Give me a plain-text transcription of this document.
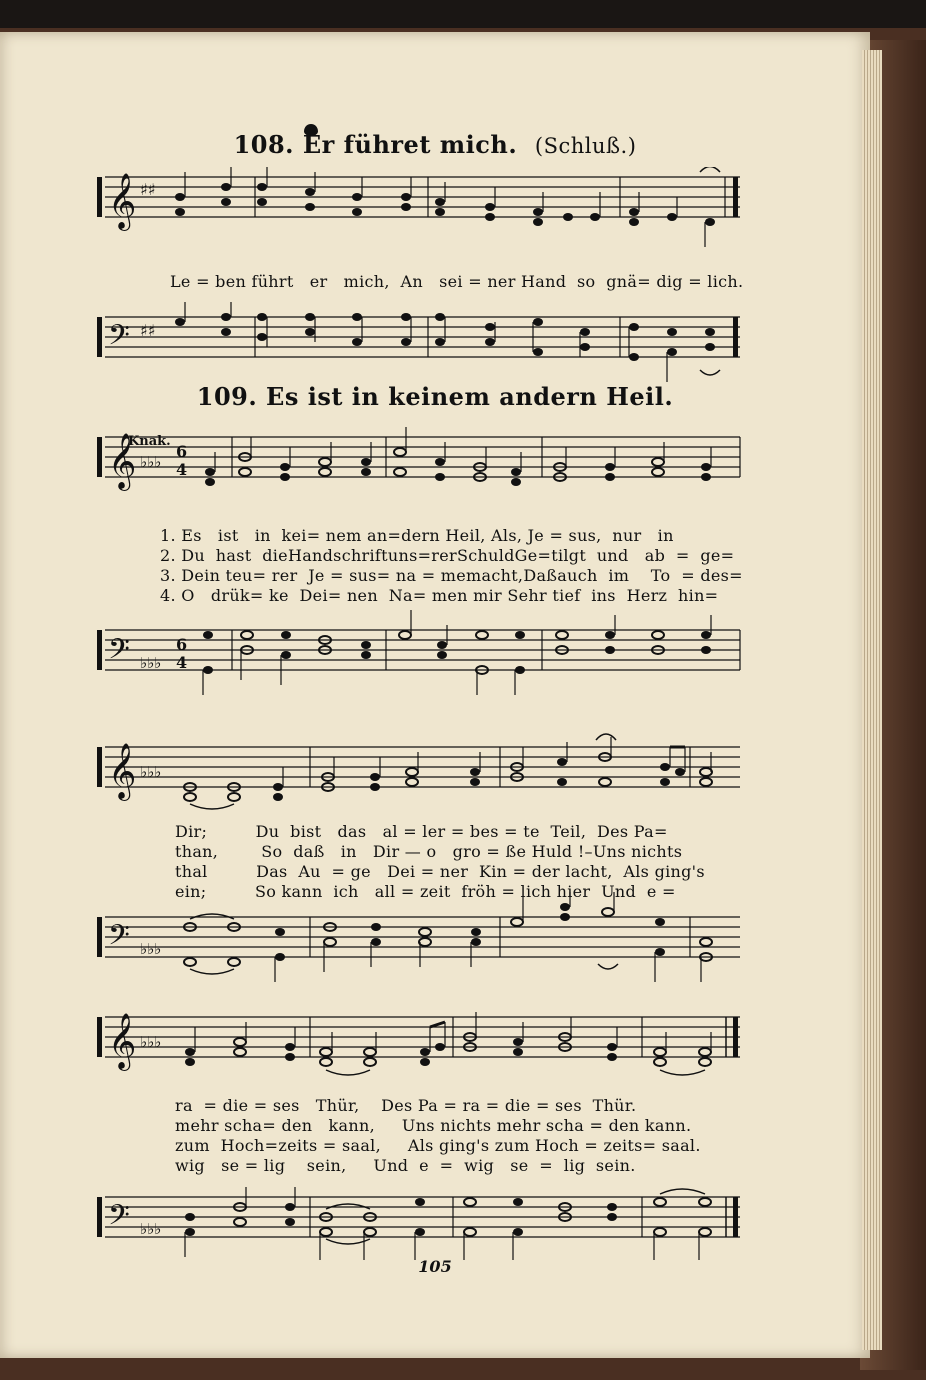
108. Er führet mich. (Schluß.)
𝄞 ♯♯
Le = ben führt   er   mich,  An   sei = ner Hand  so  gnä= dig = lich.
𝄢 ♯♯
109. Es ist in keinem andern Heil.
Knak.
𝄞 ♭♭♭
6
4
1. Es   ist   in  kei= nem an=dern Heil, Als, Je = sus,  nur   in
2. Du  hast  dieHandschriftuns=rerSchuldGe=tilgt  und   ab  =  ge=
3. Dein teu= rer  Je = sus= na = memacht,Daßauch  im    To  = des=
4. O   drük= ke  Dei= nen  Na= men mir Sehr tief  ins  Herz  hin=
𝄢 ♭♭♭
6
4
𝄞 ♭♭♭
Dir;         Du  bist   das   al = ler = bes = te  Teil,  Des Pa=
than,        So  daß   in   Dir — o   gro = ße Huld !–Uns nichts
thal         Das  Au  = ge   Dei = ner  Kin = der lacht,  Als ging's
ein;         So kann  ich   all = zeit  fröh = lich hier  Und  e =
𝄢 ♭♭♭
𝄞 ♭♭♭
ra  = die = ses   Thür,    Des Pa = ra = die = ses  Thür.
mehr scha= den   kann,     Uns nichts mehr scha = den kann.
zum  Hoch=zeits = saal,     Als ging's zum Hoch = zeits= saal.
wig   se = lig    sein,     Und  e  =  wig   se  =  lig  sein.
𝄢 ♭♭♭
105
